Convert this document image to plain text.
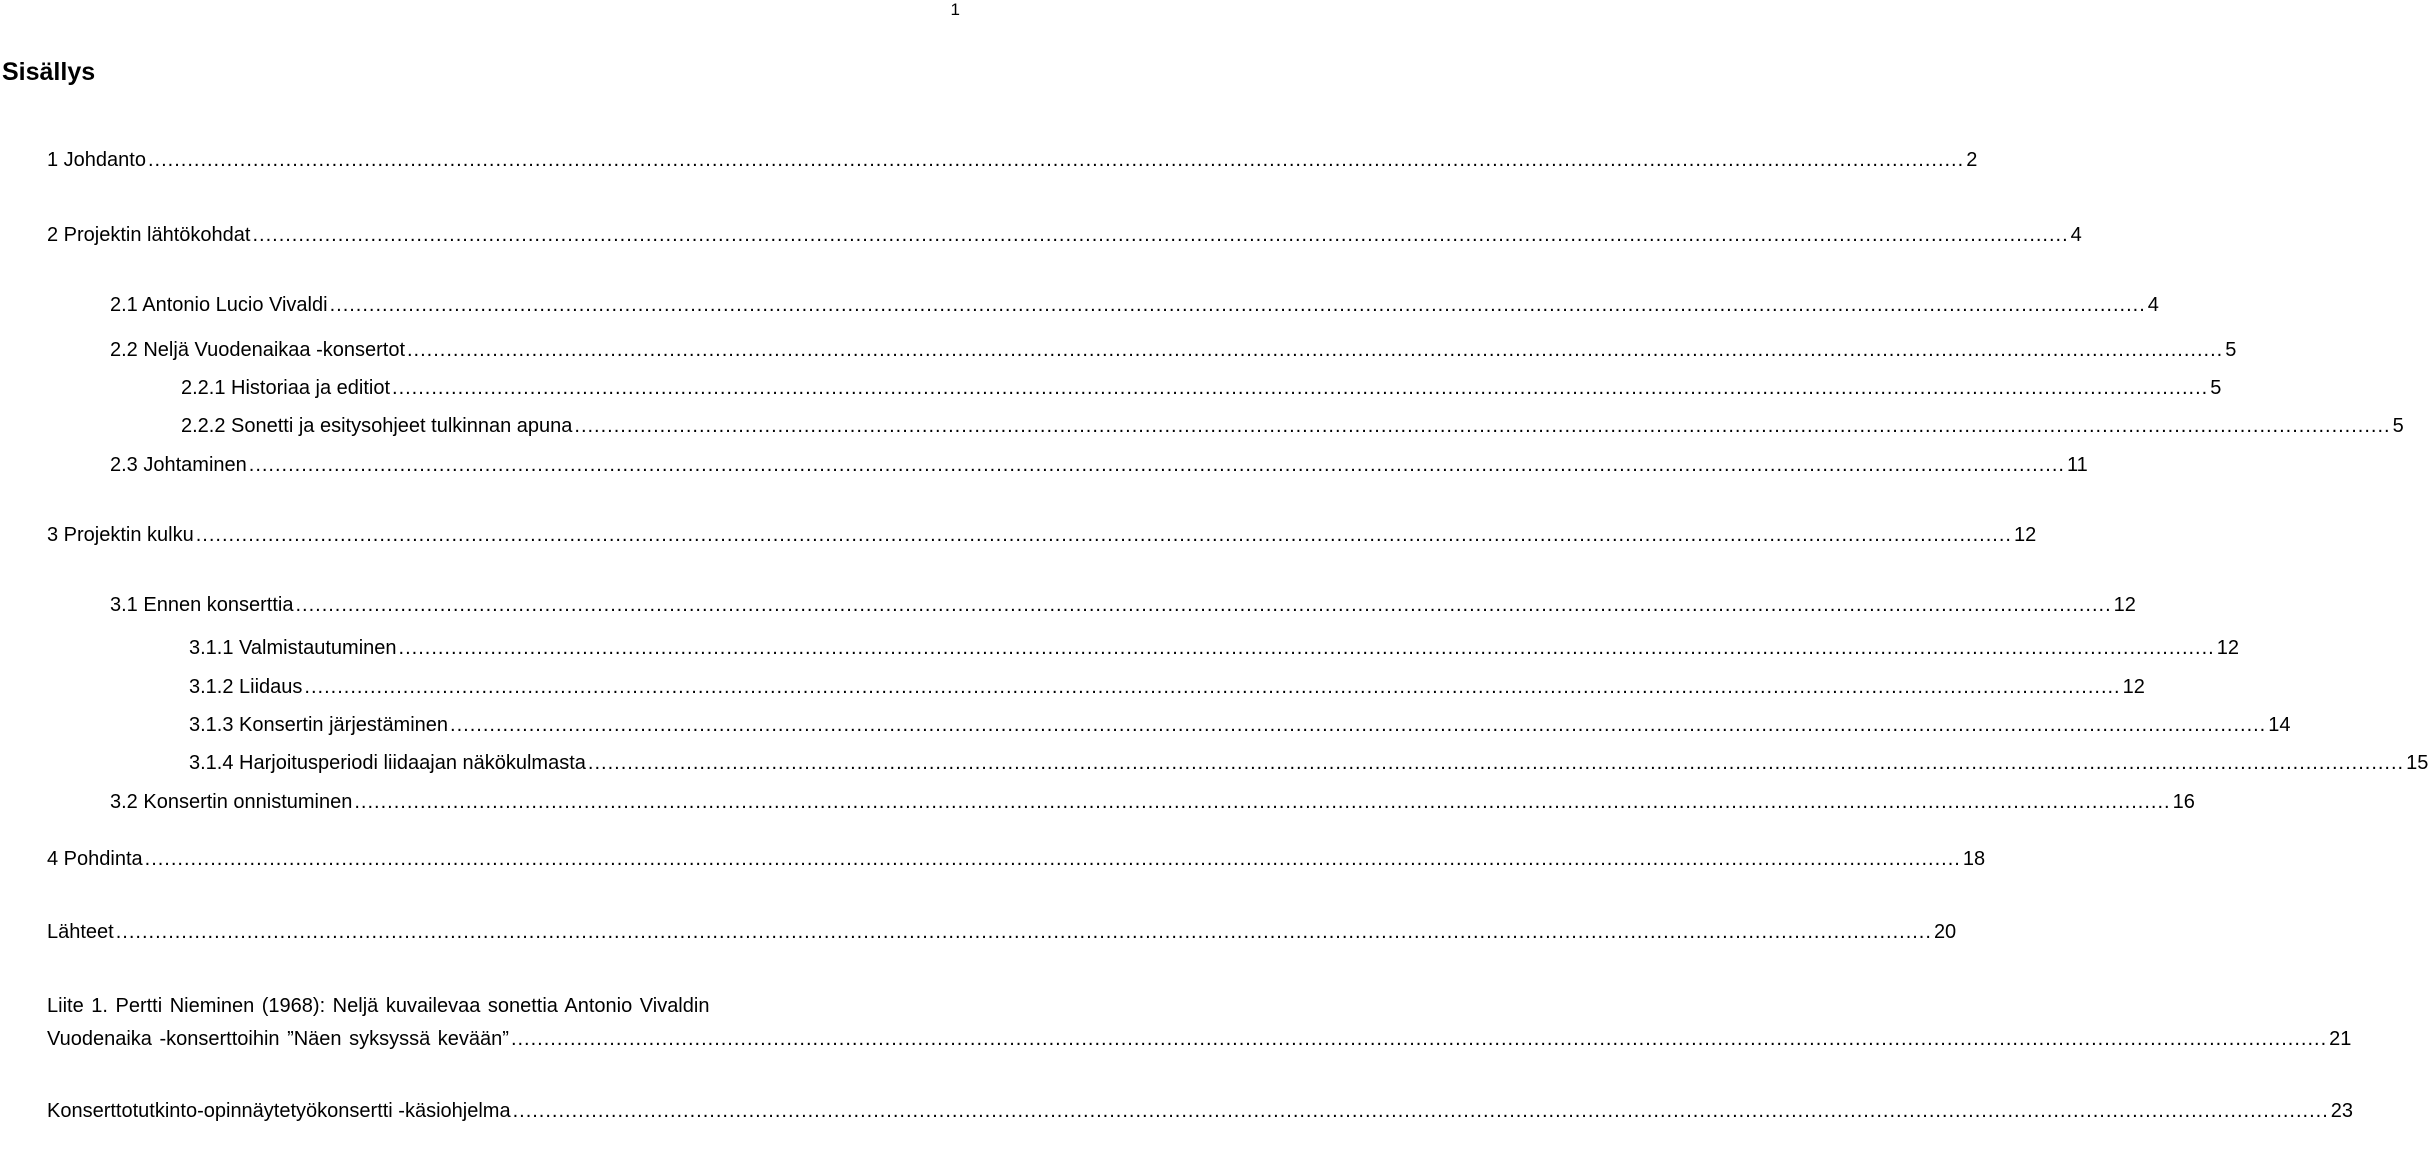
1
Sisällys
1 Johdanto ..................................................................................................................................................................................................................................................................................... 2
2 Projektin lähtökohdat ..................................................................................................................................................................................................................................................................................... 4
2.1 Antonio Lucio Vivaldi ..................................................................................................................................................................................................................................................................................... 4
2.2 Neljä Vuodenaikaa -konsertot ..................................................................................................................................................................................................................................................................................... 5
2.2.1 Historiaa ja editiot ..................................................................................................................................................................................................................................................................................... 5
2.2.2 Sonetti ja esitysohjeet tulkinnan apuna ..................................................................................................................................................................................................................................................................................... 5
2.3 Johtaminen ..................................................................................................................................................................................................................................................................................... 11
3 Projektin kulku ..................................................................................................................................................................................................................................................................................... 12
3.1 Ennen konserttia ..................................................................................................................................................................................................................................................................................... 12
3.1.1 Valmistautuminen ..................................................................................................................................................................................................................................................................................... 12
3.1.2 Liidaus ..................................................................................................................................................................................................................................................................................... 12
3.1.3 Konsertin järjestäminen ..................................................................................................................................................................................................................................................................................... 14
3.1.4 Harjoitusperiodi liidaajan näkökulmasta ..................................................................................................................................................................................................................................................................................... 15
3.2 Konsertin onnistuminen ..................................................................................................................................................................................................................................................................................... 16
4 Pohdinta ..................................................................................................................................................................................................................................................................................... 18
Lähteet ..................................................................................................................................................................................................................................................................................... 20
Liite 1. Pertti Nieminen (1968): Neljä kuvailevaa sonettia Antonio Vivaldin
Vuodenaika -konserttoihin ”Näen syksyssä kevään” ..................................................................................................................................................................................................................................................................................... 21
Konserttotutkinto-opinnäytetyökonsertti -käsiohjelma ..................................................................................................................................................................................................................................................................................... 23
